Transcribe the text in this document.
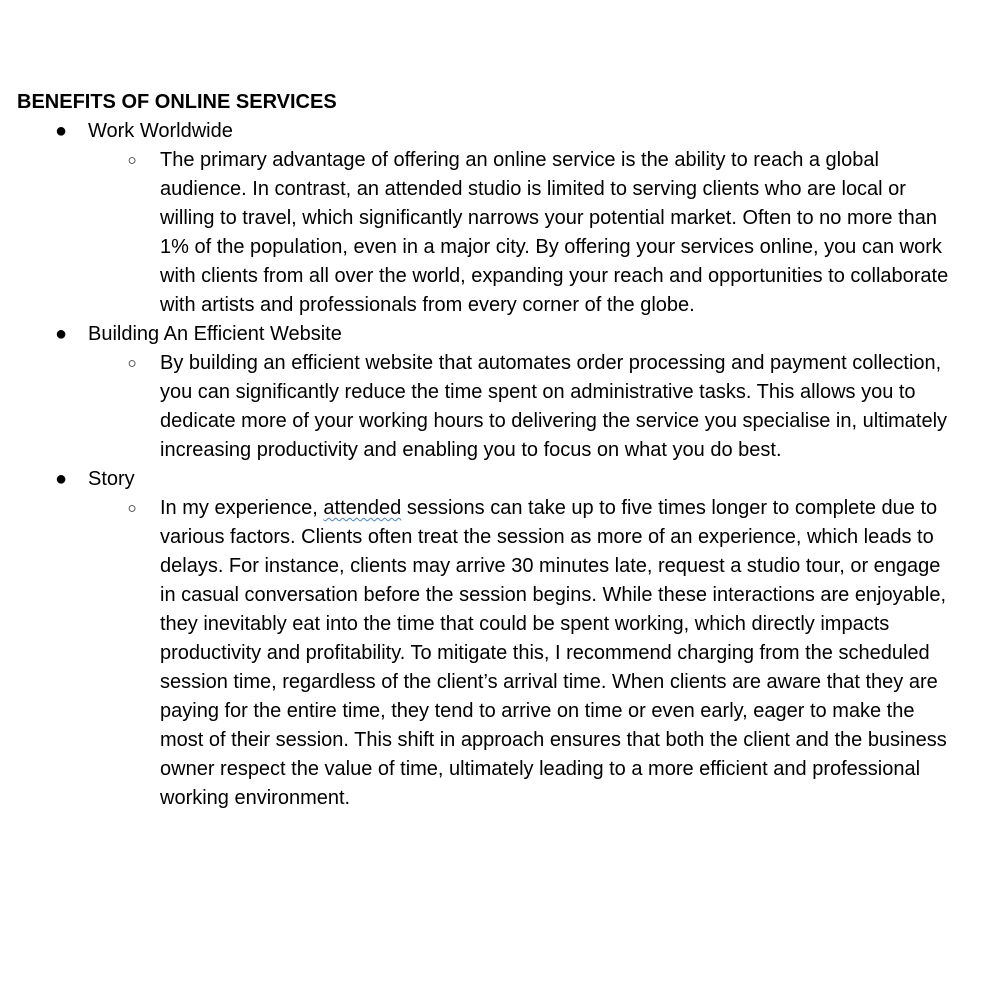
BENEFITS OF ONLINE SERVICES
● Work Worldwide
○ The primary advantage of offering an online service is the ability to reach a global audience. In contrast, an attended studio is limited to serving clients who are local or willing to travel, which significantly narrows your potential market. Often to no more than 1% of the population, even in a major city. By offering your services online, you can work with clients from all over the world, expanding your reach and opportunities to collaborate with artists and professionals from every corner of the globe.
● Building An Efficient Website
○ By building an efficient website that automates order processing and payment collection, you can significantly reduce the time spent on administrative tasks. This allows you to dedicate more of your working hours to delivering the service you specialise in, ultimately increasing productivity and enabling you to focus on what you do best.
● Story
○ In my experience, attended sessions can take up to five times longer to complete due to various factors. Clients often treat the session as more of an experience, which leads to delays. For instance, clients may arrive 30 minutes late, request a studio tour, or engage in casual conversation before the session begins. While these interactions are enjoyable, they inevitably eat into the time that could be spent working, which directly impacts productivity and profitability. To mitigate this, I recommend charging from the scheduled session time, regardless of the client’s arrival time. When clients are aware that they are paying for the entire time, they tend to arrive on time or even early, eager to make the most of their session. This shift in approach ensures that both the client and the business owner respect the value of time, ultimately leading to a more efficient and professional working environment.
